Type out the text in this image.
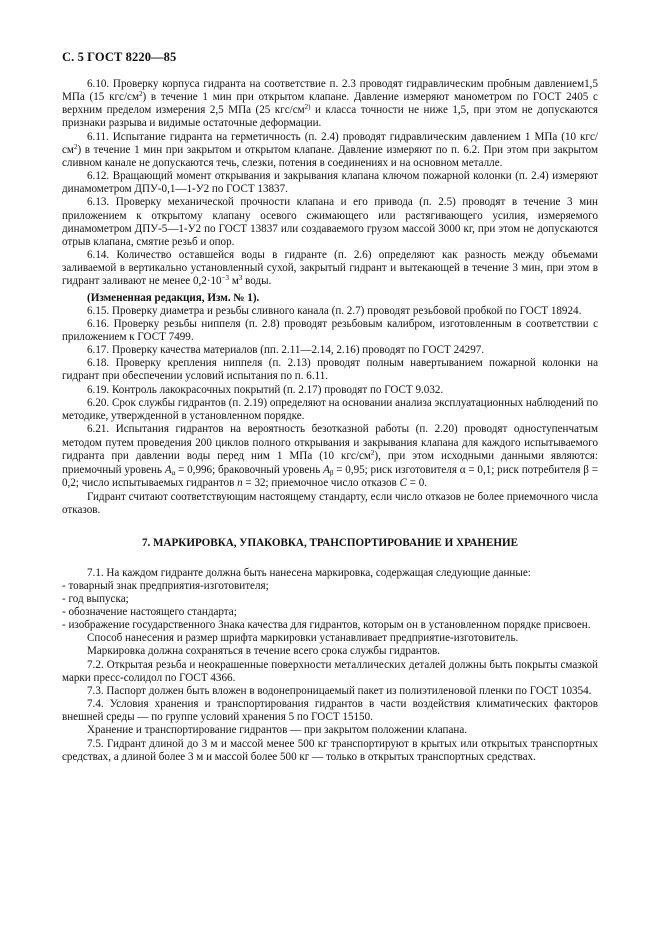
С. 5 ГОСТ 8220—85

6.10. Проверку корпуса гидранта на соответствие п. 2.3 проводят гидравлическим пробным давлением1,5 МПа (15 кгс/$см^2$) в течение 1 мин при открытом клапане. Давление измеряют манометром по ГОСТ 2405 с верхним пределом измерения 2,5 МПа (25 кгс/$см^{2)}$ и класса точности не ниже 1,5, при этом не допускаются признаки разрыва и видимые остаточные деформации.

6.11. Испытание гидранта на герметичность (п. 2.4) проводят гидравлическим давлением 1 МПа (10 кгс/$см^2$) в течение 1 мин при закрытом и открытом клапане. Давление измеряют по п. 6.2. При этом при закрытом сливном канале не допускаются течь, слезки, потения в соединениях и на основном металле.

6.12. Вращающий момент открывания и закрывания клапана ключом пожарной колонки (п. 2.4) измеряют динамометром ДПУ-0,1—1-У2 по ГОСТ 13837.

6.13. Проверку механической прочности клапана и его привода (п. 2.5) проводят в течение 3 мин приложением к открытому клапану осевого сжимающего или растягивающего усилия, измеряемого динамометром ДПУ-5—1-У2 по ГОСТ 13837 или создаваемого грузом массой 3000 кг, при этом не допускаются отрыв клапана, смятие резьб и опор.

6.14. Количество оставшейся воды в гидранте (п. 2.6) определяют как разность между объемами заливаемой в вертикально установленный сухой, закрытый гидрант и вытекающей в течение 3 мин, при этом в гидрант заливают не менее $0,2\cdot 10^{-3}$ $м^3$ воды.

(Измененная редакция, Изм. № 1).

6.15. Проверку диаметра и резьбы сливного канала (п. 2.7) проводят резьбовой пробкой по ГОСТ 18924.

6.16. Проверку резьбы ниппеля (п. 2.8) проводят резьбовым калибром, изготовленным в соответствии с приложением к ГОСТ 7499.

6.17. Проверку качества материалов (пп. 2.11—2.14, 2.16) проводят по ГОСТ 24297.

6.18. Проверку крепления ниппеля (п. 2.13) проводят полным навертыванием пожарной колонки на гидрант при обеспечении условий испытания по п. 6.11.

6.19. Контроль лакокрасочных покрытий (п. 2.17) проводят по ГОСТ 9.032.

6.20. Срок службы гидрантов (п. 2.19) определяют на основании анализа эксплуатационных наблюдений по методике, утвержденной в установленном порядке.

6.21. Испытания гидрантов на вероятность безотказной работы (п. 2.20) проводят одноступенчатым методом путем проведения 200 циклов полного открывания и закрывания клапана для каждого испытываемого гидранта при давлении воды перед ним 1 МПа (10 кгс/$см^2$), при этом исходными данными являются: приемочный уровень $A_\alpha = 0,996$; браковочный уровень $A_\beta = 0,95$; риск изготовителя α = 0,1; риск потребителя β = 0,2; число испытываемых гидрантов n = 32; приемочное число отказов C = 0.

Гидрант считают соответствующим настоящему стандарту, если число отказов не более приемочного числа отказов.

7. МАРКИРОВКА, УПАКОВКА, ТРАНСПОРТИРОВАНИЕ И ХРАНЕНИЕ

7.1. На каждом гидранте должна быть нанесена маркировка, содержащая следующие данные:

- товарный знак предприятия-изготовителя;

- год выпуска;

- обозначение настоящего стандарта;

- изображение государственного Знака качества для гидрантов, которым он в установленном порядке присвоен.

Способ нанесения и размер шрифта маркировки устанавливает предприятие-изготовитель.

Маркировка должна сохраняться в течение всего срока службы гидрантов.

7.2. Открытая резьба и неокрашенные поверхности металлических деталей должны быть покрыты смазкой марки пресс-солидол по ГОСТ 4366.

7.3. Паспорт должен быть вложен в водонепроницаемый пакет из полиэтиленовой пленки по ГОСТ 10354.

7.4. Условия хранения и транспортирования гидрантов в части воздействия климатических факторов внешней среды — по группе условий хранения 5 по ГОСТ 15150.

Хранение и транспортирование гидрантов — при закрытом положении клапана.

7.5. Гидрант длиной до 3 м и массой менее 500 кг транспортируют в крытых или открытых транспортных средствах, а длиной более 3 м и массой более 500 кг — только в открытых транспортных средствах.
